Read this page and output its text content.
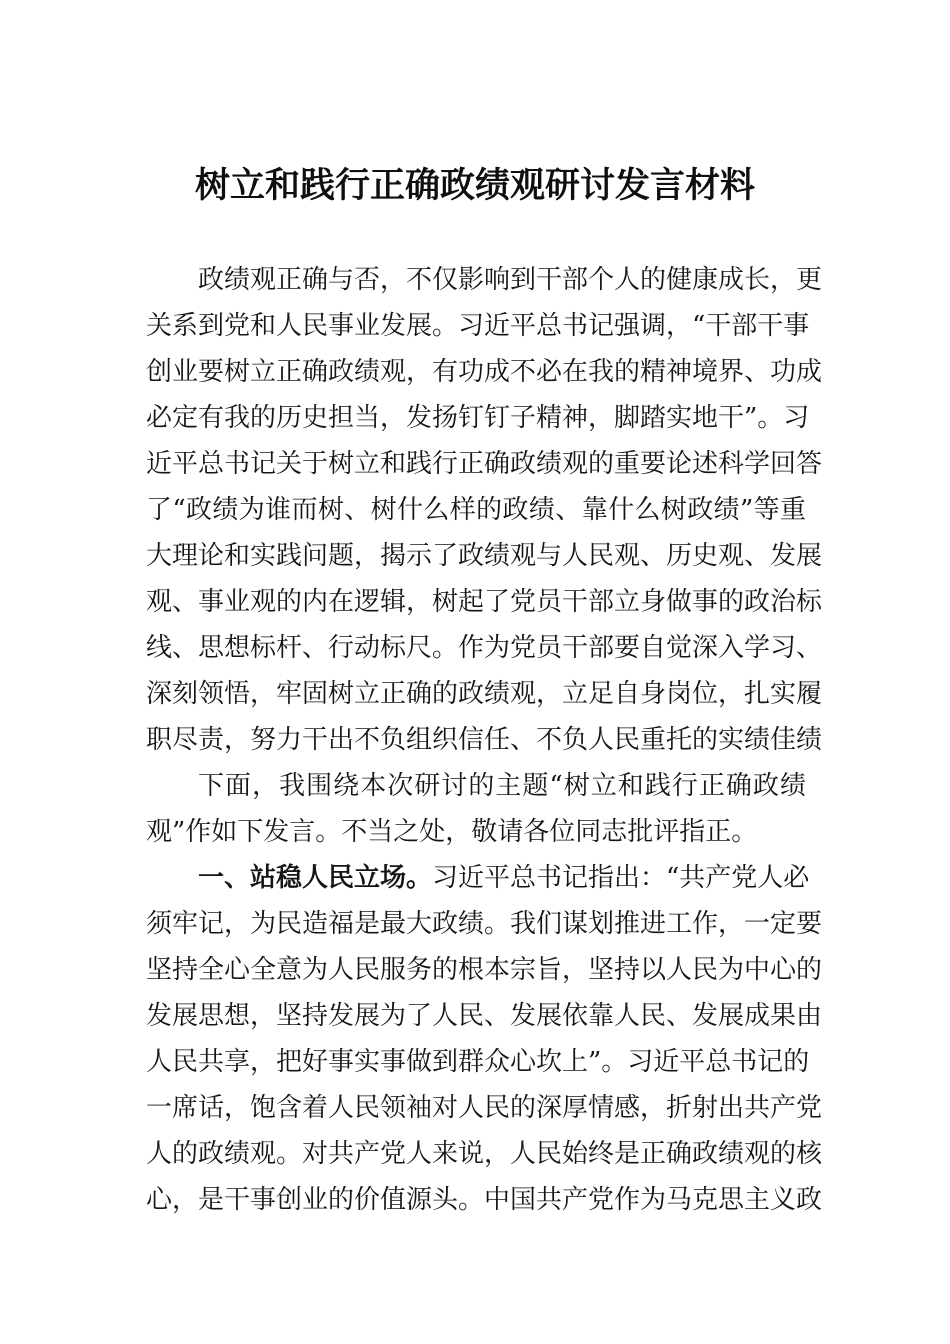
树立和践行正确政绩观研讨发言材料
政绩观正确与否，不仅影响到干部个人的健康成长，更
关系到党和人民事业发展。习近平总书记强调，“干部干事
创业要树立正确政绩观，有功成不必在我的精神境界、功成
必定有我的历史担当，发扬钉钉子精神，脚踏实地干”。习
近平总书记关于树立和践行正确政绩观的重要论述科学回答
了“政绩为谁而树、树什么样的政绩、靠什么树政绩”等重
大理论和实践问题，揭示了政绩观与人民观、历史观、发展
观、事业观的内在逻辑，树起了党员干部立身做事的政治标
线、思想标杆、行动标尺。作为党员干部要自觉深入学习、
深刻领悟，牢固树立正确的政绩观，立足自身岗位，扎实履
职尽责，努力干出不负组织信任、不负人民重托的实绩佳绩
下面，我围绕本次研讨的主题“树立和践行正确政绩
观”作如下发言。不当之处，敬请各位同志批评指正。
一、站稳人民立场。习近平总书记指出：“共产党人必
须牢记，为民造福是最大政绩。我们谋划推进工作，一定要
坚持全心全意为人民服务的根本宗旨，坚持以人民为中心的
发展思想，坚持发展为了人民、发展依靠人民、发展成果由
人民共享，把好事实事做到群众心坎上”。习近平总书记的
一席话，饱含着人民领袖对人民的深厚情感，折射出共产党
人的政绩观。对共产党人来说，人民始终是正确政绩观的核
心，是干事创业的价值源头。中国共产党作为马克思主义政
